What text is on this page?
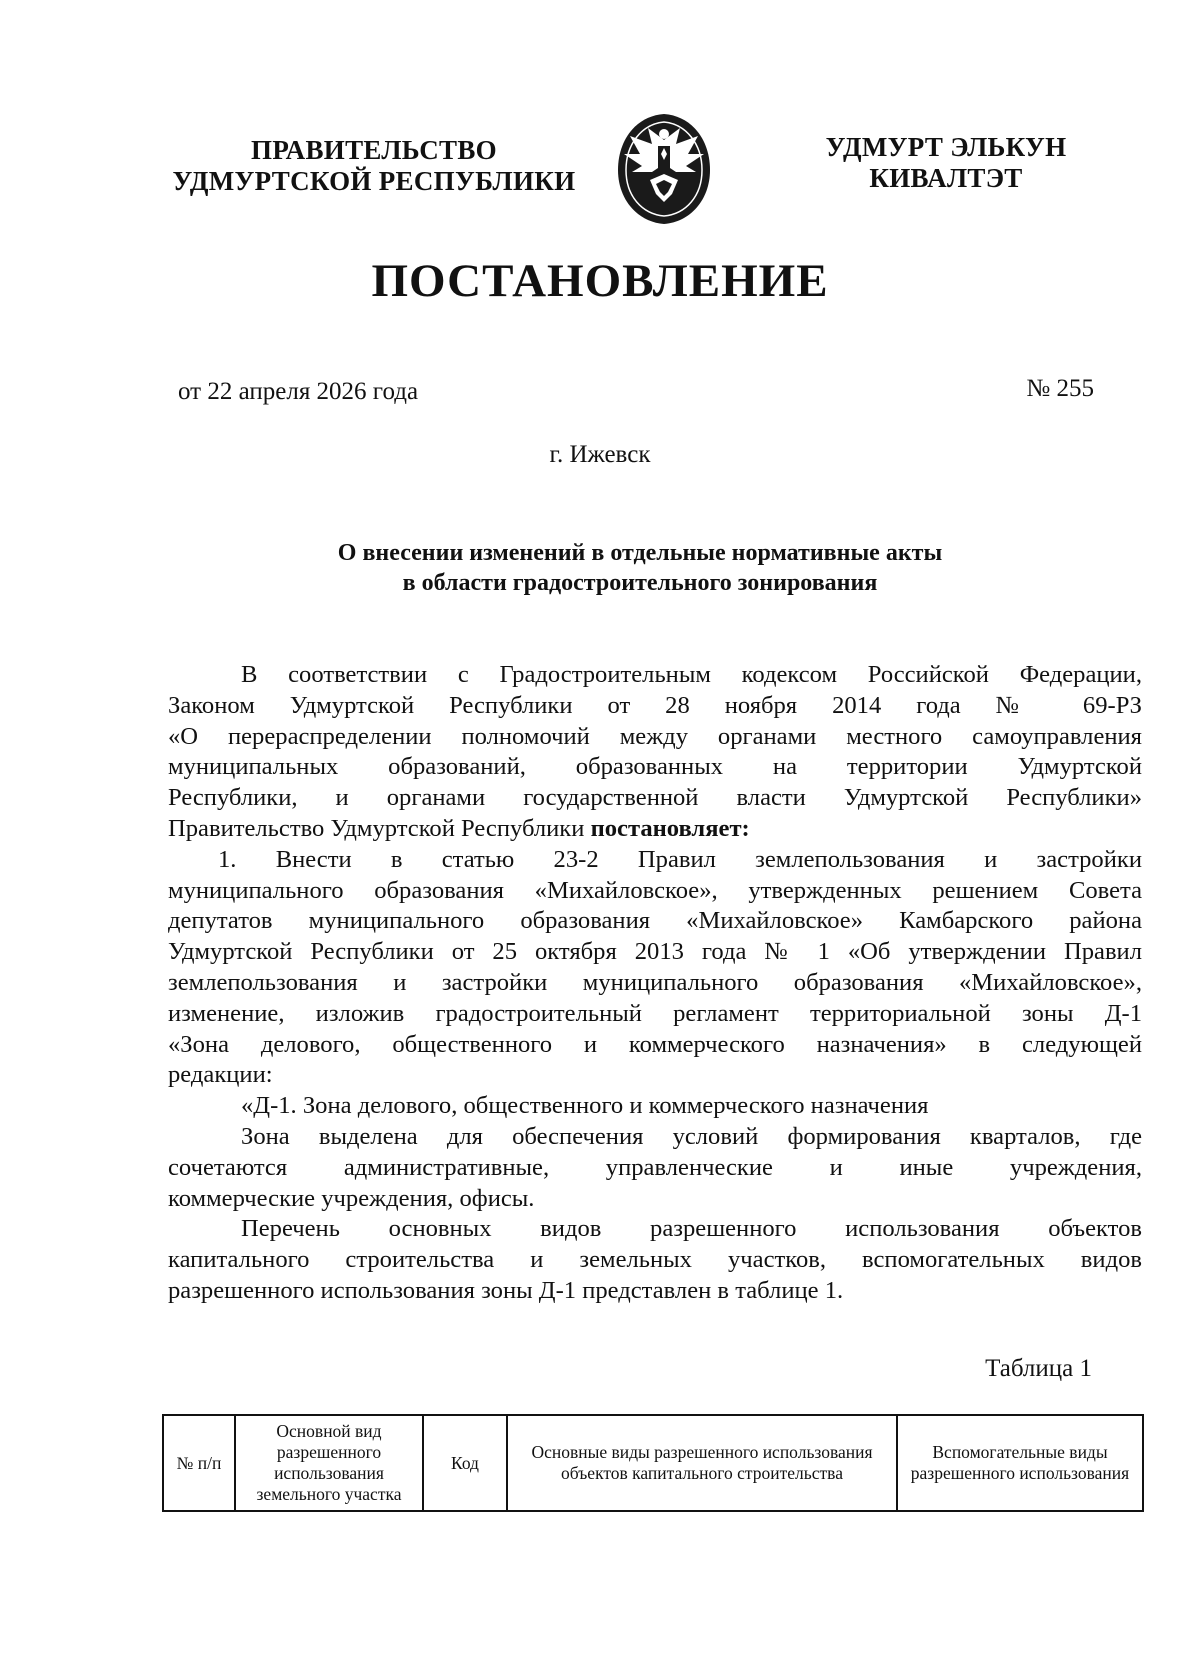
ПРАВИТЕЛЬСТВО
УДМУРТСКОЙ РЕСПУБЛИКИ
УДМУРТ ЭЛЬКУН
КИВАЛТЭТ
ПОСТАНОВЛЕНИЕ
от 22 апреля 2026 года	№ 255
г. Ижевск
О внесении изменений в отдельные нормативные акты
в области градостроительного зонирования
В соответствии с Градостроительным кодексом Российской Федерации,
Законом Удмуртской Республики от 28 ноября 2014 года № 69-РЗ
«О перераспределении полномочий между органами местного самоуправления
муниципальных образований, образованных на территории Удмуртской
Республики, и органами государственной власти Удмуртской Республики»
Правительство Удмуртской Республики постановляет:
1. Внести в статью 23-2 Правил землепользования и застройки
муниципального образования «Михайловское», утвержденных решением Совета
депутатов муниципального образования «Михайловское» Камбарского района
Удмуртской Республики от 25 октября 2013 года № 1 «Об утверждении Правил
землепользования и застройки муниципального образования «Михайловское»,
изменение, изложив градостроительный регламент территориальной зоны Д-1
«Зона делового, общественного и коммерческого назначения» в следующей
редакции:
«Д-1. Зона делового, общественного и коммерческого назначения
Зона выделена для обеспечения условий формирования кварталов, где
сочетаются административные, управленческие и иные учреждения,
коммерческие учреждения, офисы.
Перечень основных видов разрешенного использования объектов
капитального строительства и земельных участков, вспомогательных видов
разрешенного использования зоны Д-1 представлен в таблице 1.
Таблица 1
№ п/п	Основной вид разрешенного использования земельного участка	Код	Основные виды разрешенного использования объектов капитального строительства	Вспомогательные виды разрешенного использования
